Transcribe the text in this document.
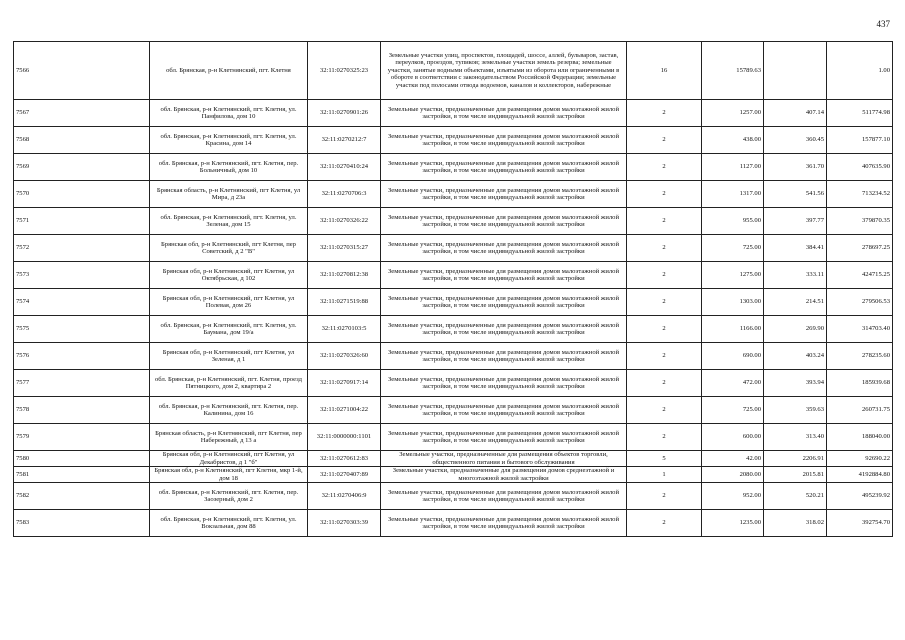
437
7566	обл. Брянская, р-н Клетнянский, пгт. Клетня	32:11:0270325:23	Земельные участки улиц, проспектов, площадей, шоссе, аллей, бульваров, застав, переулков, проездов, тупиков; земельные участки земель резерва; земельные участки, занятые водными объектами, изъятыми из оборота или ограниченными в обороте в соответствии с законодательством Российской Федерации; земельные участки под полосами отвода водоемов, каналов и коллекторов, набережные	16	15789.63		1.00
7567	обл. Брянская, р-н Клетнянский, пгт. Клетня, ул. Панфилова, дом 10	32:11:0270901:26	Земельные участки, предназначенные для размещения домов малоэтажной жилой застройки, в том числе индивидуальной жилой застройки	2	1257.00	407.14	511774.98
7568	обл. Брянская, р-н Клетнянский, пгт. Клетня, ул. Красина, дом 14	32:11:0270212:7	Земельные участки, предназначенные для размещения домов малоэтажной жилой застройки, в том числе индивидуальной жилой застройки	2	438.00	360.45	157877.10
7569	обл. Брянская, р-н Клетнянский, пгт. Клетня, пер. Больничный, дом 10	32:11:0270410:24	Земельные участки, предназначенные для размещения домов малоэтажной жилой застройки, в том числе индивидуальной жилой застройки	2	1127.00	361.70	407635.90
7570	Брянская область, р-н Клетнянский, пгт Клетня, ул Мира, д 23а	32:11:0270706:3	Земельные участки, предназначенные для размещения домов малоэтажной жилой застройки, в том числе индивидуальной жилой застройки	2	1317.00	541.56	713234.52
7571	обл. Брянская, р-н Клетнянский, пгт. Клетня, ул. Зеленая, дом 15	32:11:0270326:22	Земельные участки, предназначенные для размещения домов малоэтажной жилой застройки, в том числе индивидуальной жилой застройки	2	955.00	397.77	379870.35
7572	Брянская обл, р-н Клетнянский, пгт Клетня, пер Советский, д 2 "В"	32:11:0270315:27	Земельные участки, предназначенные для размещения домов малоэтажной жилой застройки, в том числе индивидуальной жилой застройки	2	725.00	384.41	278697.25
7573	Брянская обл, р-н Клетнянский, пгт Клетня, ул Октябрьская, д 102	32:11:0270812:38	Земельные участки, предназначенные для размещения домов малоэтажной жилой застройки, в том числе индивидуальной жилой застройки	2	1275.00	333.11	424715.25
7574	Брянская обл, р-н Клетнянский, пгт Клетня, ул Полевая, дом 26	32:11:0271519:88	Земельные участки, предназначенные для размещения домов малоэтажной жилой застройки, в том числе индивидуальной жилой застройки	2	1303.00	214.51	279506.53
7575	обл. Брянская, р-н Клетнянский, пгт. Клетня, ул. Баумана, дом 19/а	32:11:0270103:5	Земельные участки, предназначенные для размещения домов малоэтажной жилой застройки, в том числе индивидуальной жилой застройки	2	1166.00	269.90	314703.40
7576	Брянская обл, р-н Клетнянский, пгт Клетня, ул Зеленая, д 1	32:11:0270326:60	Земельные участки, предназначенные для размещения домов малоэтажной жилой застройки, в том числе индивидуальной жилой застройки	2	690.00	403.24	278235.60
7577	обл. Брянская, р-н Клетнянский, пгт. Клетня, проезд Пятницкого, дом 2, квартира 2	32:11:0270917:14	Земельные участки, предназначенные для размещения домов малоэтажной жилой застройки, в том числе индивидуальной жилой застройки	2	472.00	393.94	185939.68
7578	обл. Брянская, р-н Клетнянский, пгт. Клетня, пер. Калинина, дом 16	32:11:0271004:22	Земельные участки, предназначенные для размещения домов малоэтажной жилой застройки, в том числе индивидуальной жилой застройки	2	725.00	359.63	260731.75
7579	Брянская область, р-н Клетнянский, пгт Клетня, пер Набережный, д 13 а	32:11:0000000:1101	Земельные участки, предназначенные для размещения домов малоэтажной жилой застройки, в том числе индивидуальной жилой застройки	2	600.00	313.40	188040.00
7580	Брянская обл, р-н Клетнянский, пгт Клетня, ул Декабристов, д 1 "б"	32:11:0270612:83	Земельные участки, предназначенные для размещения объектов торговли, общественного питания и бытового обслуживания	5	42.00	2206.91	92690.22
7581	Брянская обл, р-н Клетнянский, пгт Клетня, мкр 1-й, дом 18	32:11:0270407:89	Земельные участки, предназначенные для размещения домов среднеэтажной и многоэтажной жилой застройки	1	2080.00	2015.81	4192884.80
7582	обл. Брянская, р-н Клетнянский, пгт. Клетня, пер. Заозерный, дом 2	32:11:0270406:9	Земельные участки, предназначенные для размещения домов малоэтажной жилой застройки, в том числе индивидуальной жилой застройки	2	952.00	520.21	495239.92
7583	обл. Брянская, р-н Клетнянский, пгт. Клетня, ул. Вокзальная, дом 88	32:11:0270303:39	Земельные участки, предназначенные для размещения домов малоэтажной жилой застройки, в том числе индивидуальной жилой застройки	2	1235.00	318.02	392754.70
